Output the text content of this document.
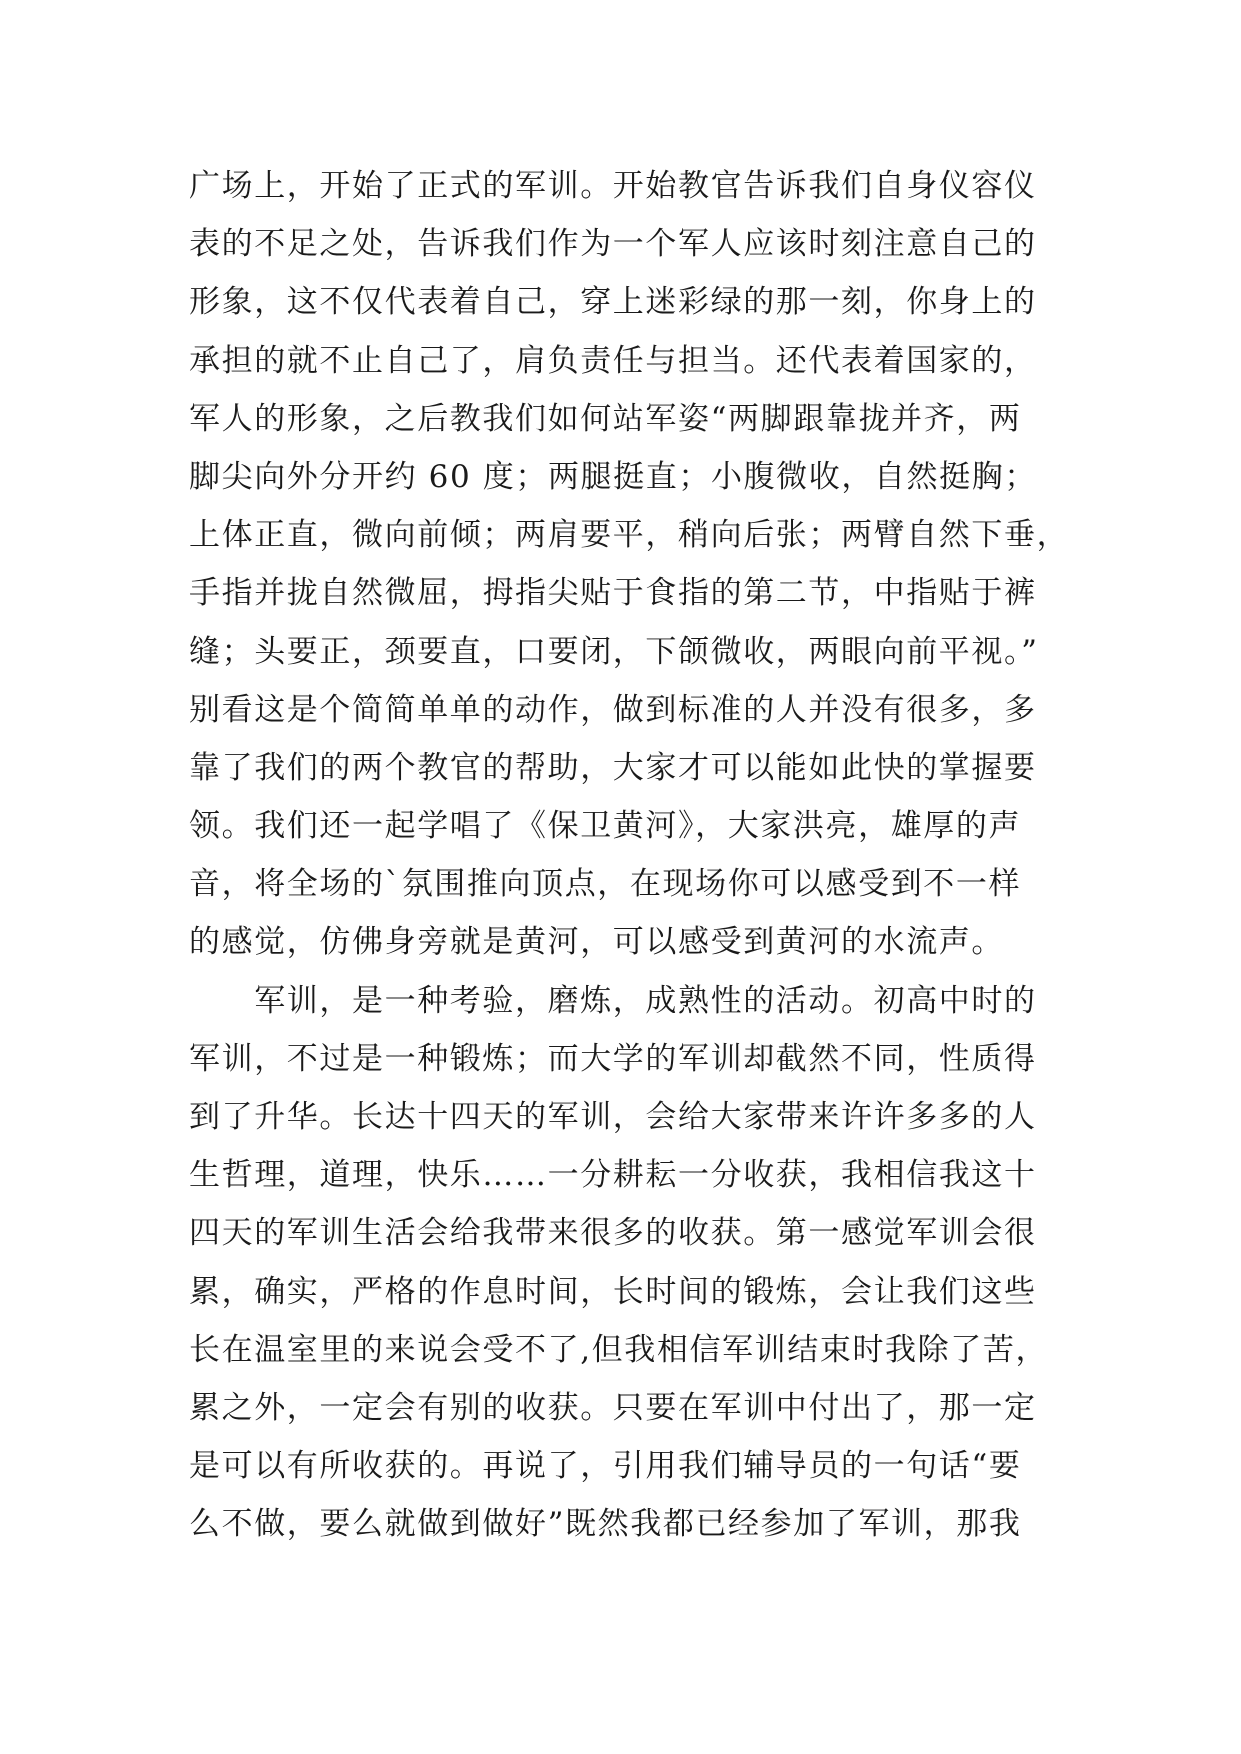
广场上，开始了正式的军训。开始教官告诉我们自身仪容仪
表的不足之处，告诉我们作为一个军人应该时刻注意自己的
形象，这不仅代表着自己，穿上迷彩绿的那一刻，你身上的
承担的就不止自己了，肩负责任与担当。还代表着国家的，
军人的形象，之后教我们如何站军姿“两脚跟靠拢并齐，两
脚尖向外分开约 60 度；两腿挺直；小腹微收，自然挺胸；
上体正直，微向前倾；两肩要平，稍向后张；两臂自然下垂，
手指并拢自然微屈，拇指尖贴于食指的第二节，中指贴于裤
缝；头要正，颈要直，口要闭，下颌微收，两眼向前平视。”
别看这是个简简单单的动作，做到标准的人并没有很多，多
靠了我们的两个教官的帮助，大家才可以能如此快的掌握要
领。我们还一起学唱了《保卫黄河》，大家洪亮，雄厚的声
音，将全场的`氛围推向顶点，在现场你可以感受到不一样
的感觉，仿佛身旁就是黄河，可以感受到黄河的水流声。
　　军训，是一种考验，磨炼，成熟性的活动。初高中时的
军训，不过是一种锻炼；而大学的军训却截然不同，性质得
到了升华。长达十四天的军训，会给大家带来许许多多的人
生哲理，道理，快乐……一分耕耘一分收获，我相信我这十
四天的军训生活会给我带来很多的收获。第一感觉军训会很
累，确实，严格的作息时间，长时间的锻炼，会让我们这些
长在温室里的来说会受不了,但我相信军训结束时我除了苦，
累之外，一定会有别的收获。只要在军训中付出了，那一定
是可以有所收获的。再说了，引用我们辅导员的一句话“要
么不做，要么就做到做好”既然我都已经参加了军训，那我
